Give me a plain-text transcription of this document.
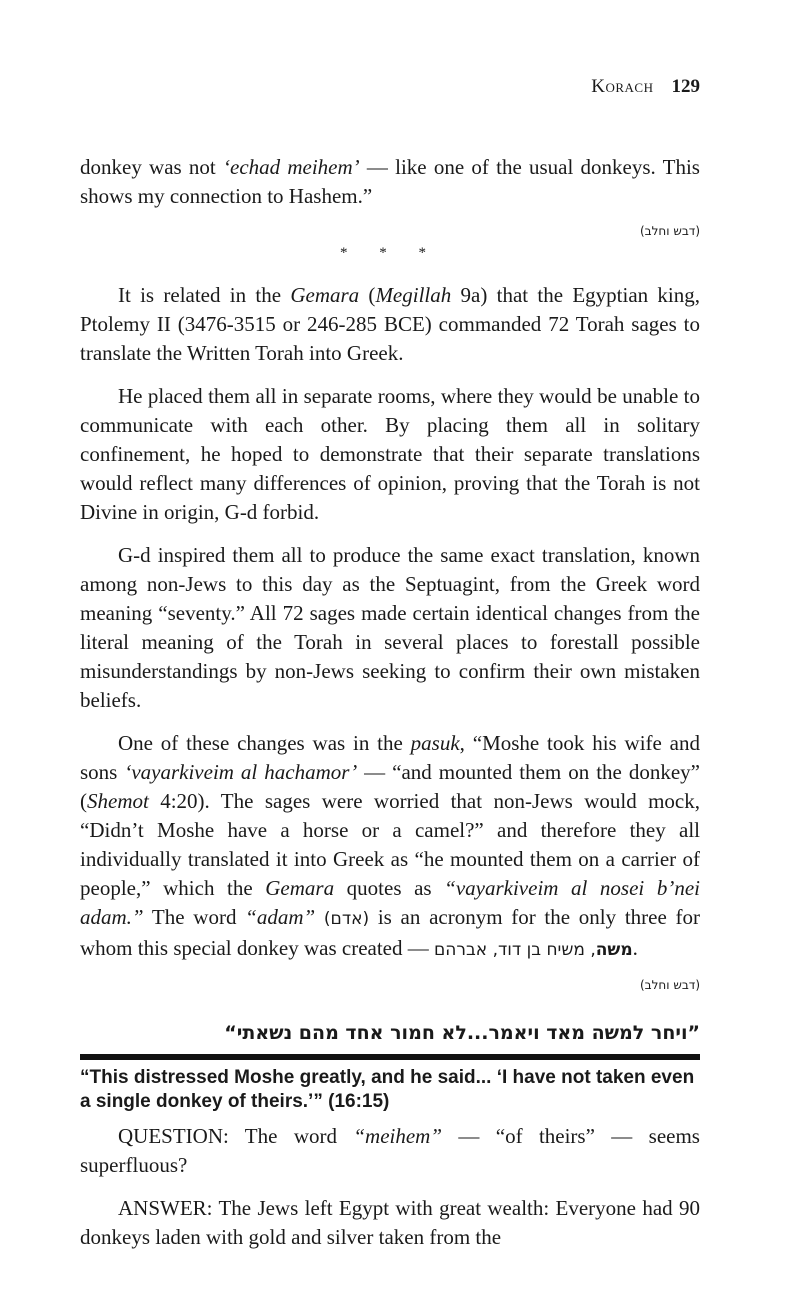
Korach 129

donkey was not ‘echad meihem’ — like one of the usual donkeys. This shows my connection to Hashem.”

(דבש וחלב)
* * *

It is related in the Gemara (Megillah 9a) that the Egyptian king, Ptolemy II (3476-3515 or 246-285 BCE) commanded 72 Torah sages to translate the Written Torah into Greek.

He placed them all in separate rooms, where they would be unable to communicate with each other. By placing them all in solitary confinement, he hoped to demonstrate that their separate translations would reflect many differences of opinion, proving that the Torah is not Divine in origin, G-d forbid.

G-d inspired them all to produce the same exact translation, known among non-Jews to this day as the Septuagint, from the Greek word meaning “seventy.” All 72 sages made certain identical changes from the literal meaning of the Torah in several places to forestall possible misunderstandings by non-Jews seeking to confirm their own mistaken beliefs.

One of these changes was in the pasuk, “Moshe took his wife and sons ‘vayarkiveim al hachamor’ — “and mounted them on the donkey” (Shemot 4:20). The sages were worried that non-Jews would mock, “Didn’t Moshe have a horse or a camel?” and therefore they all individually translated it into Greek as “he mounted them on a carrier of people,” which the Gemara quotes as “vayarkiveim al nosei b’nei adam.” The word “adam” (אדם) is an acronym for the only three for whom this special donkey was created —	משה, משיח בן דוד, אברהם .

(דבש וחלב)
”ויחר למשה מאד ויאמר...לא חמור אחד מהם נשאתי“
“This distressed Moshe greatly, and he said... ‘I have not taken even a single donkey of theirs.’” (16:15)

QUESTION: The word “meihem” — “of theirs” — seems superfluous?

ANSWER: The Jews left Egypt with great wealth: Everyone had 90 donkeys laden with gold and silver taken from the
